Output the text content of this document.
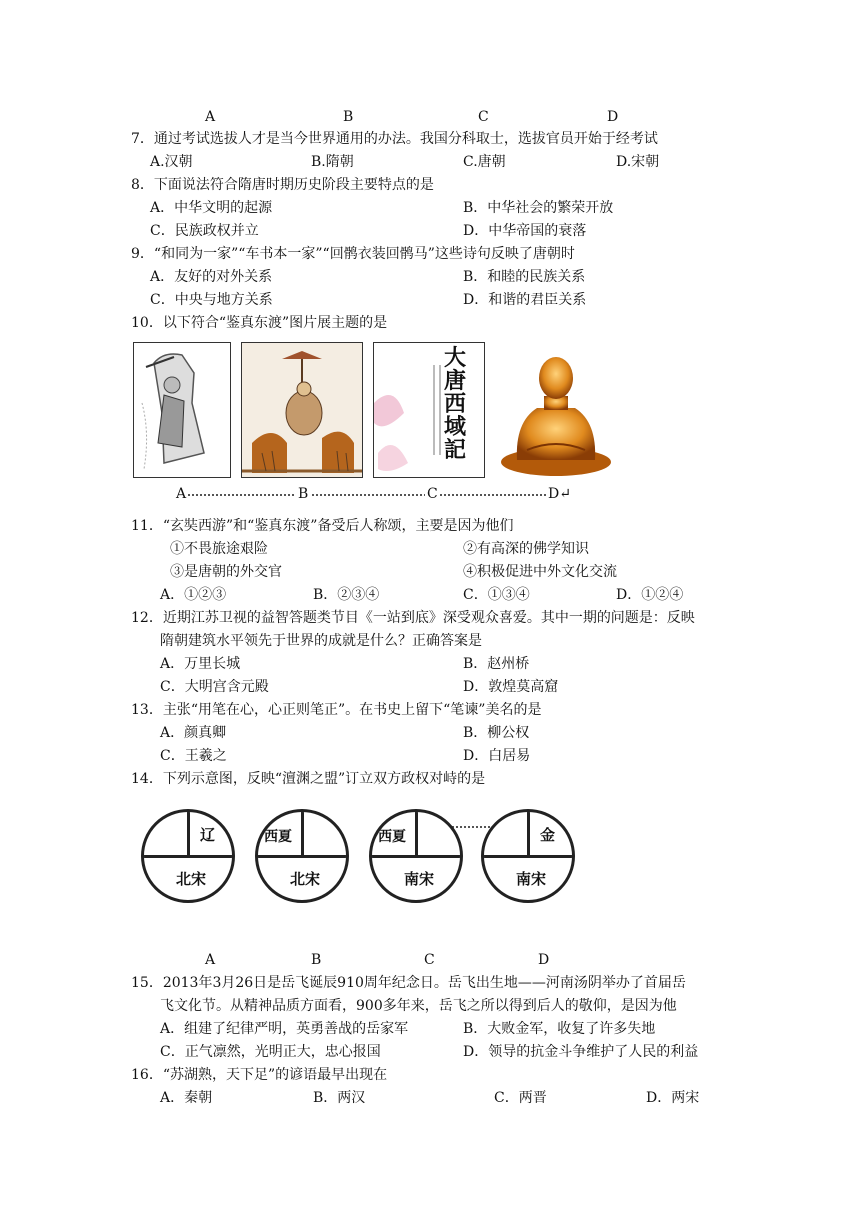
A	B	C	D
7．通过考试选拔人才是当今世界通用的办法。我国分科取士，选拔官员开始于经考试
A.汉朝	B.隋朝	C.唐朝	D.宋朝
8．下面说法符合隋唐时期历史阶段主要特点的是
A．中华文明的起源	B．中华社会的繁荣开放
C．民族政权并立	D．中华帝国的衰落
9．“和同为一家”“车书本一家”“回鹘衣装回鹘马”这些诗句反映了唐朝时
A．友好的对外关系	B．和睦的民族关系
C．中央与地方关系	D．和谐的君臣关系
10．以下符合“鉴真东渡”图片展主题的是
大唐西域記
A	B	C	D↵
11．“玄奘西游”和“鉴真东渡”备受后人称颂，主要是因为他们
①不畏旅途艰险	②有高深的佛学知识
③是唐朝的外交官	④积极促进中外文化交流
A．①②③	B．②③④	C．①③④	D．①②④
12．近期江苏卫视的益智答题类节目《一站到底》深受观众喜爱。其中一期的问题是：反映
隋朝建筑水平领先于世界的成就是什么？正确答案是
A．万里长城	B．赵州桥
C．大明宫含元殿	D．敦煌莫高窟
13．主张“用笔在心，心正则笔正”。在书史上留下“笔谏”美名的是
A．颜真卿	B．柳公权
C．王羲之	D．白居易
14．下列示意图，反映“澶渊之盟”订立双方政权对峙的是
辽
北宋
西夏
北宋
西夏
南宋
金
南宋
A	B	C	D
15．2013年3月26日是岳飞诞辰910周年纪念日。岳飞出生地——河南汤阴举办了首届岳
飞文化节。从精神品质方面看，900多年来，岳飞之所以得到后人的敬仰，是因为他
A．组建了纪律严明，英勇善战的岳家军	B．大败金军，收复了许多失地
C．正气凛然，光明正大，忠心报国	D．领导的抗金斗争维护了人民的利益
16．“苏湖熟，天下足”的谚语最早出现在
A．秦朝	B．两汉	C．两晋	D．两宋
